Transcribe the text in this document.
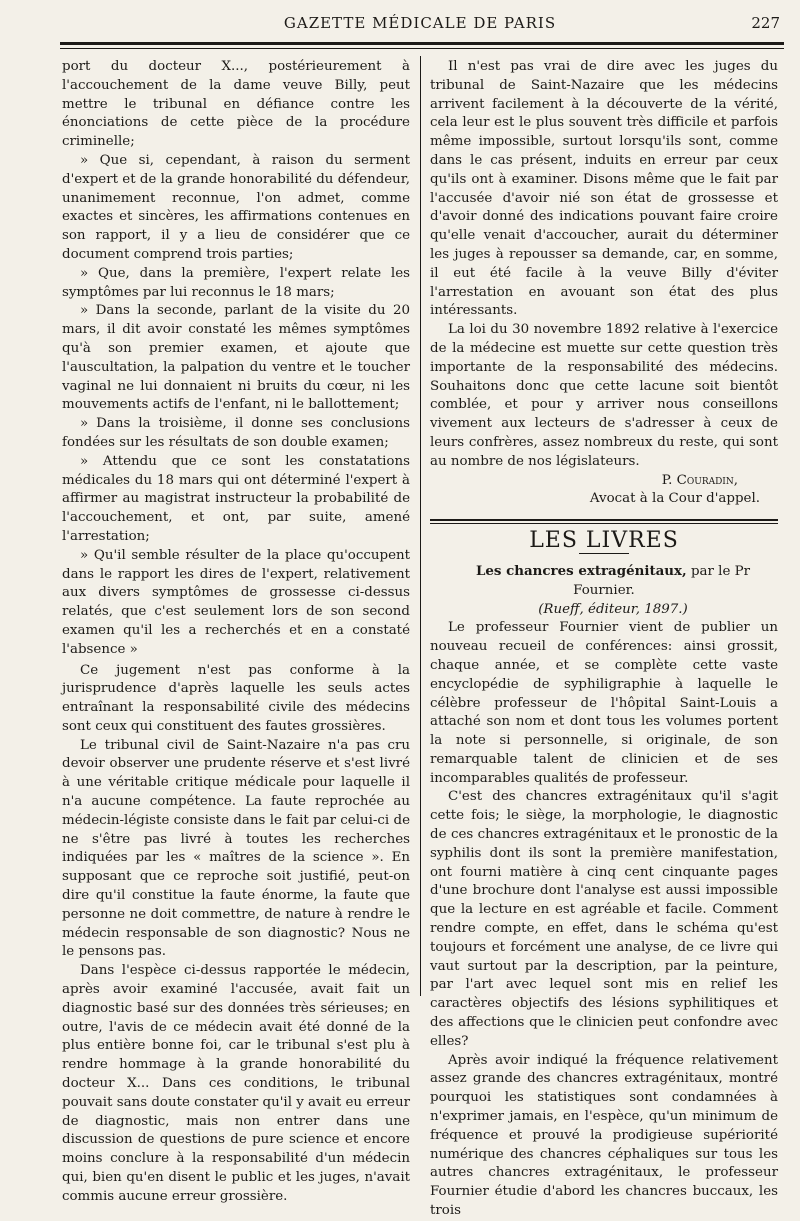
GAZETTE MÉDICALE DE PARIS	227

port du docteur X..., postérieurement à l'accouchement de la dame veuve Billy, peut mettre le tribunal en défiance contre les énonciations de cette pièce de la procédure criminelle;

» Que si, cependant, à raison du serment d'expert et de la grande honorabilité du défendeur, unanimement reconnue, l'on admet, comme exactes et sincères, les affirmations contenues en son rapport, il y a lieu de considérer que ce document comprend trois parties;

» Que, dans la première, l'expert relate les symptômes par lui reconnus le 18 mars;

» Dans la seconde, parlant de la visite du 20 mars, il dit avoir constaté les mêmes symptômes qu'à son premier examen, et ajoute que l'auscultation, la palpation du ventre et le toucher vaginal ne lui donnaient ni bruits du cœur, ni les mouvements actifs de l'enfant, ni le ballottement;

» Dans la troisième, il donne ses conclusions fondées sur les résultats de son double examen;

» Attendu que ce sont les constatations médicales du 18 mars qui ont déterminé l'expert à affirmer au magistrat instructeur la probabilité de l'accouchement, et ont, par suite, amené l'arrestation;

» Qu'il semble résulter de la place qu'occupent dans le rapport les dires de l'expert, relativement aux divers symptômes de grossesse ci-dessus relatés, que c'est seulement lors de son second examen qu'il les a recherchés et en a constaté l'absence »

Ce jugement n'est pas conforme à la jurisprudence d'après laquelle les seuls actes entraînant la responsabilité civile des médecins sont ceux qui constituent des fautes grossières.

Le tribunal civil de Saint-Nazaire n'a pas cru devoir observer une prudente réserve et s'est livré à une véritable critique médicale pour laquelle il n'a aucune compétence. La faute reprochée au médecin-légiste consiste dans le fait par celui-ci de ne s'être pas livré à toutes les recherches indiquées par les « maîtres de la science ». En supposant que ce reproche soit justifié, peut-on dire qu'il constitue la faute énorme, la faute que personne ne doit commettre, de nature à rendre le médecin responsable de son diagnostic? Nous ne le pensons pas.

Dans l'espèce ci-dessus rapportée le médecin, après avoir examiné l'accusée, avait fait un diagnostic basé sur des données très sérieuses; en outre, l'avis de ce médecin avait été donné de la plus entière bonne foi, car le tribunal s'est plu à rendre hommage à la grande honorabilité du docteur X... Dans ces conditions, le tribunal pouvait sans doute constater qu'il y avait eu erreur de diagnostic, mais non entrer dans une discussion de questions de pure science et encore moins conclure à la responsabilité d'un médecin qui, bien qu'en disent le public et les juges, n'avait commis aucune erreur grossière.

Il n'est pas vrai de dire avec les juges du tribunal de Saint-Nazaire que les médecins arrivent facilement à la découverte de la vérité, cela leur est le plus souvent très difficile et parfois même impossible, surtout lorsqu'ils sont, comme dans le cas présent, induits en erreur par ceux qu'ils ont à examiner. Disons même que le fait par l'accusée d'avoir nié son état de grossesse et d'avoir donné des indications pouvant faire croire qu'elle venait d'accoucher, aurait du déterminer les juges à repousser sa demande, car, en somme, il eut été facile à la veuve Billy d'éviter l'arrestation en avouant son état des plus intéressants.

La loi du 30 novembre 1892 relative à l'exercice de la médecine est muette sur cette question très importante de la responsabilité des médecins. Souhaitons donc que cette lacune soit bientôt comblée, et pour y arriver nous conseillons vivement aux lecteurs de s'adresser à ceux de leurs confrères, assez nombreux du reste, qui sont au nombre de nos législateurs.

P. Couradin,

Avocat à la Cour d'appel.

LES LIVRES

Les chancres extragénitaux, par le Pr Fournier.

(Rueff, éditeur, 1897.)

Le professeur Fournier vient de publier un nouveau recueil de conférences: ainsi grossit, chaque année, et se complète cette vaste encyclopédie de syphiligraphie à laquelle le célèbre professeur de l'hôpital Saint-Louis a attaché son nom et dont tous les volumes portent la note si personnelle, si originale, de son remarquable talent de clinicien et de ses incomparables qualités de professeur.

C'est des chancres extragénitaux qu'il s'agit cette fois; le siège, la morphologie, le diagnostic de ces chancres extragénitaux et le pronostic de la syphilis dont ils sont la première manifestation, ont fourni matière à cinq cent cinquante pages d'une brochure dont l'analyse est aussi impossible que la lecture en est agréable et facile. Comment rendre compte, en effet, dans le schéma qu'est toujours et forcément une analyse, de ce livre qui vaut surtout par la description, par la peinture, par l'art avec lequel sont mis en relief les caractères objectifs des lésions syphilitiques et des affections que le clinicien peut confondre avec elles?

Après avoir indiqué la fréquence relativement assez grande des chancres extragénitaux, montré pourquoi les statistiques sont condamnées à n'exprimer jamais, en l'espèce, qu'un minimum de fréquence et prouvé la prodigieuse supériorité numérique des chancres céphaliques sur tous les autres chancres extragénitaux, le professeur Fournier étudie d'abord les chancres buccaux, les trois
